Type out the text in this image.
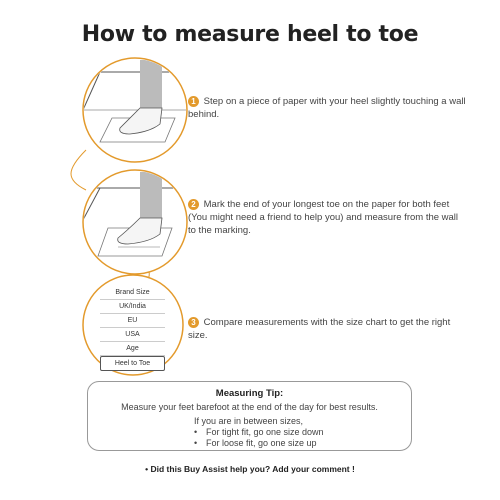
How to measure heel to toe
Brand Size
UK/India
EU
USA
Age
Heel to Toe
1 Step on a piece of paper with your heel slightly touching a wall behind.
2 Mark the end of your longest toe on the paper for both feet (You might need a friend to help you) and measure from the wall to the marking.
3 Compare measurements with the size chart to get the right size.
Measuring Tip:
Measure your feet barefoot at the end of the day for best results.
If you are in between sizes,
• For tight fit, go one size down
• For loose fit, go one size up
• Did this Buy Assist help you? Add your comment !
